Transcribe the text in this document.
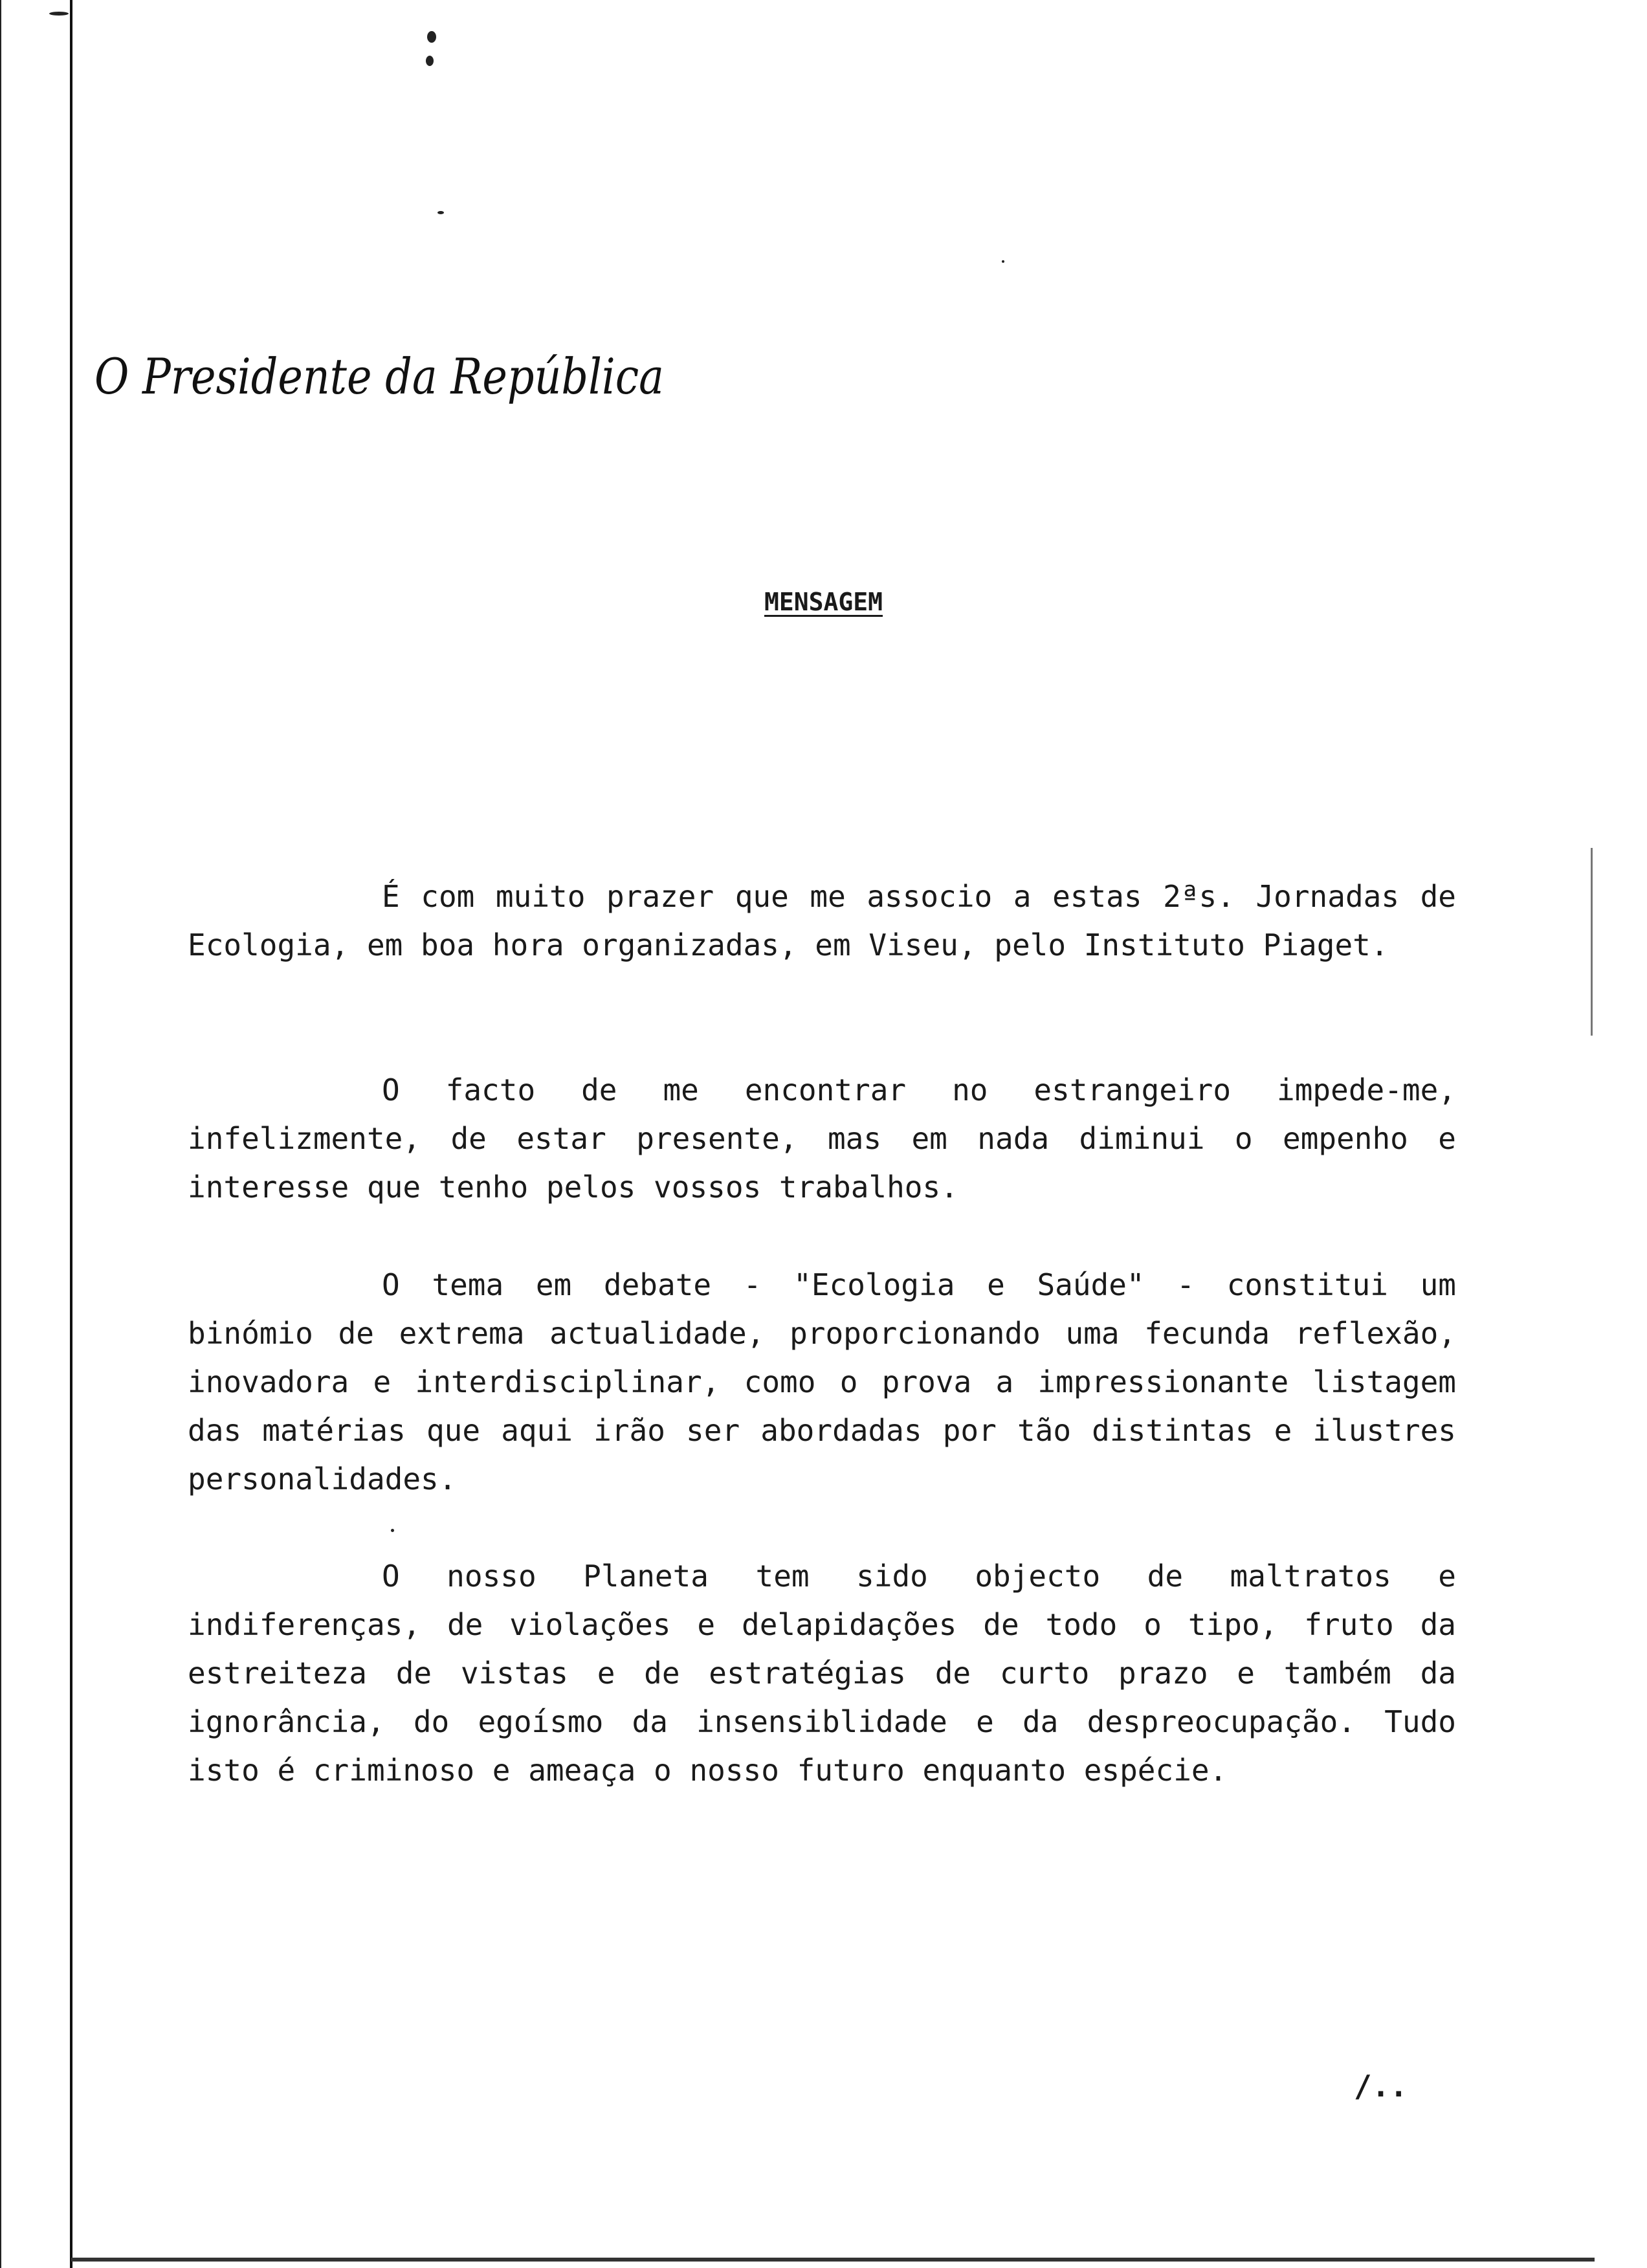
O Presidente da República
MENSAGEM

É com muito prazer que me associo a estas 2ªs. Jornadas de Ecologia, em boa hora organizadas, em Viseu, pelo Instituto Piaget.

O facto de me encontrar no estrangeiro impede-me, infelizmente, de estar presente, mas em nada diminui o empenho e interesse que tenho pelos vossos trabalhos.

O tema em debate - "Ecologia e Saúde" - constitui um binómio de extrema actualidade, proporcionando uma fecunda reflexão, inovadora e interdisciplinar, como o prova a impressionante listagem das matérias que aqui irão ser abordadas por tão distintas e ilustres personalidades.

O nosso Planeta tem sido objecto de maltratos e indiferenças, de violações e delapidações de todo o tipo, fruto da estreiteza de vistas e de estratégias de curto prazo e também da ignorância, do egoísmo da insensiblidade e da despreocupação. Tudo isto é criminoso e ameaça o nosso futuro enquanto espécie.

/..
